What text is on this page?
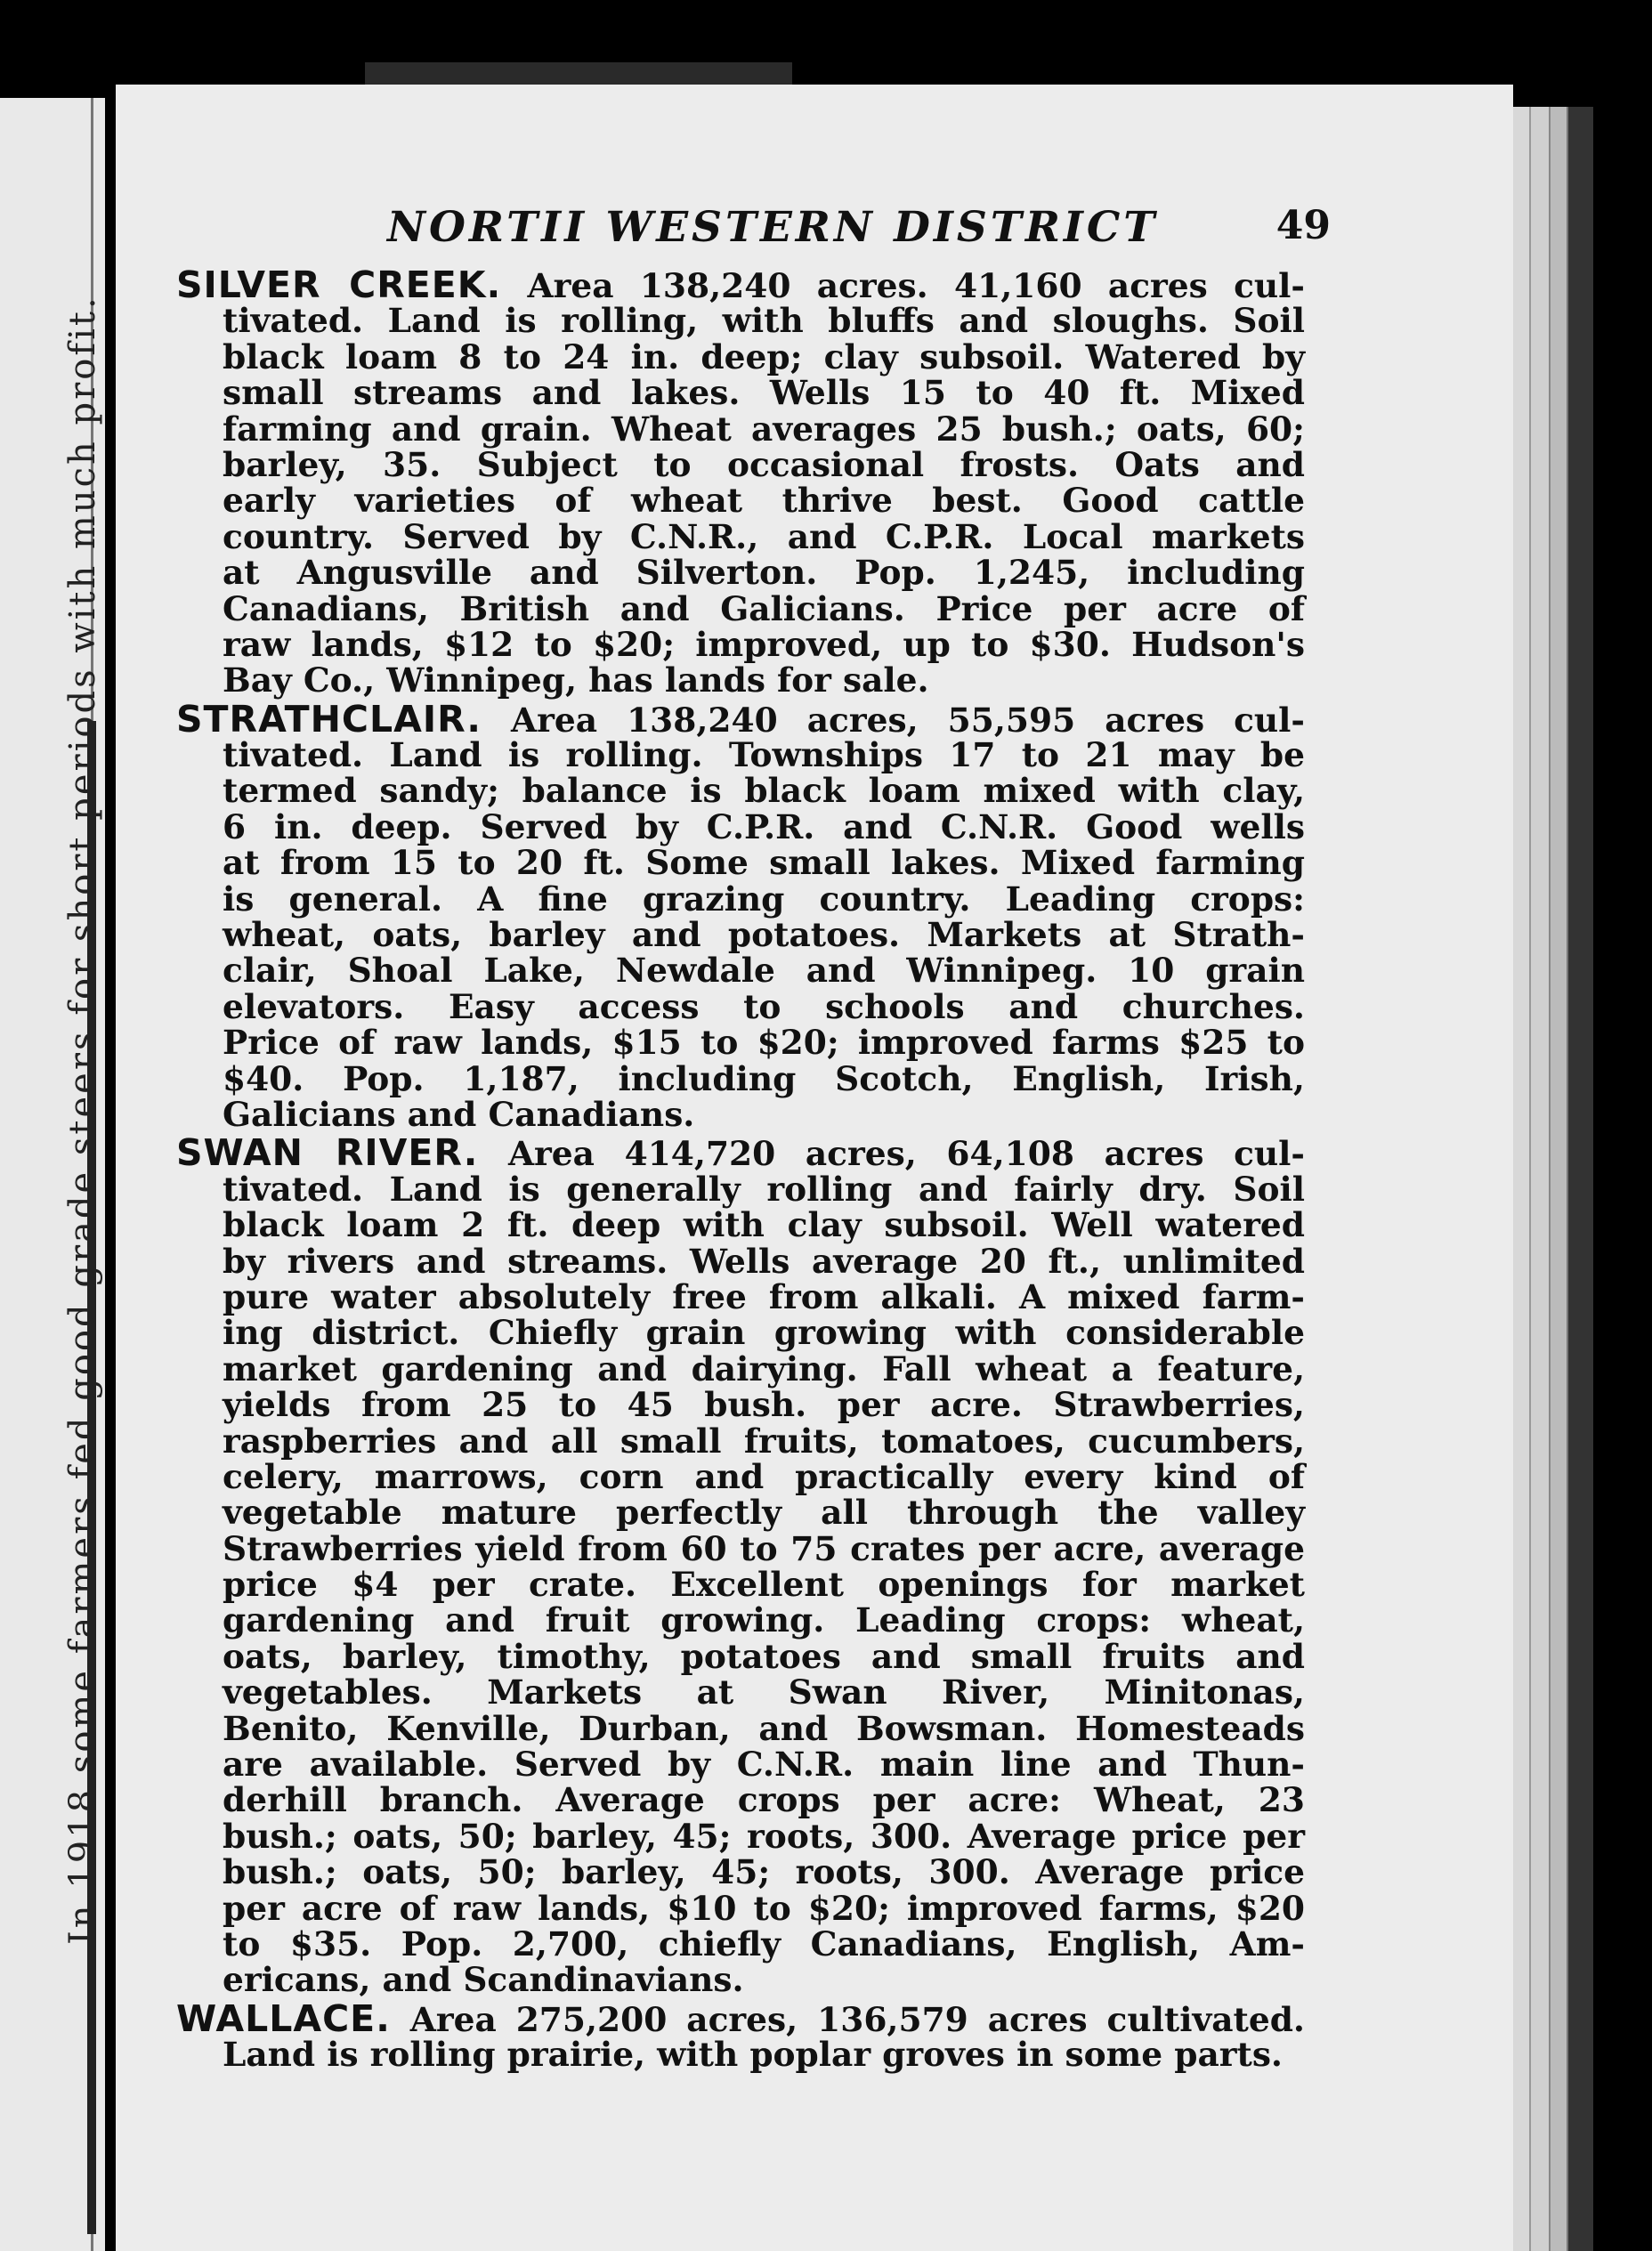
In 1918 some farmers fed good grade steers for short periods with much profit.
NORTII WESTERN DISTRICT	49
SILVER CREEK. Area 138,240 acres. 41,160 acres cul-
tivated. Land is rolling, with bluffs and sloughs. Soil
black loam 8 to 24 in. deep; clay subsoil. Watered by
small streams and lakes. Wells 15 to 40 ft. Mixed
farming and grain. Wheat averages 25 bush.; oats, 60;
barley, 35. Subject to occasional frosts. Oats and
early varieties of wheat thrive best. Good cattle
country. Served by C.N.R., and C.P.R. Local markets
at Angusville and Silverton. Pop. 1,245, including
Canadians, British and Galicians. Price per acre of
raw lands, $12 to $20; improved, up to $30. Hudson's
Bay Co., Winnipeg, has lands for sale.
STRATHCLAIR. Area 138,240 acres, 55,595 acres cul-
tivated. Land is rolling. Townships 17 to 21 may be
termed sandy; balance is black loam mixed with clay,
6 in. deep. Served by C.P.R. and C.N.R. Good wells
at from 15 to 20 ft. Some small lakes. Mixed farming
is general. A fine grazing country. Leading crops:
wheat, oats, barley and potatoes. Markets at Strath-
clair, Shoal Lake, Newdale and Winnipeg. 10 grain
elevators. Easy access to schools and churches.
Price of raw lands, $15 to $20; improved farms $25 to
$40. Pop. 1,187, including Scotch, English, Irish,
Galicians and Canadians.
SWAN RIVER. Area 414,720 acres, 64,108 acres cul-
tivated. Land is generally rolling and fairly dry. Soil
black loam 2 ft. deep with clay subsoil. Well watered
by rivers and streams. Wells average 20 ft., unlimited
pure water absolutely free from alkali. A mixed farm-
ing district. Chiefly grain growing with considerable
market gardening and dairying. Fall wheat a feature,
yields from 25 to 45 bush. per acre. Strawberries,
raspberries and all small fruits, tomatoes, cucumbers,
celery, marrows, corn and practically every kind of
vegetable mature perfectly all through the valley
Strawberries yield from 60 to 75 crates per acre, average
price $4 per crate. Excellent openings for market
gardening and fruit growing. Leading crops: wheat,
oats, barley, timothy, potatoes and small fruits and
vegetables. Markets at Swan River, Minitonas,
Benito, Kenville, Durban, and Bowsman. Homesteads
are available. Served by C.N.R. main line and Thun-
derhill branch. Average crops per acre: Wheat, 23
bush.; oats, 50; barley, 45; roots, 300. Average price per
bush.; oats, 50; barley, 45; roots, 300. Average price
per acre of raw lands, $10 to $20; improved farms, $20
to $35. Pop. 2,700, chiefly Canadians, English, Am-
ericans, and Scandinavians.
WALLACE. Area 275,200 acres, 136,579 acres cultivated.
Land is rolling prairie, with poplar groves in some parts.
